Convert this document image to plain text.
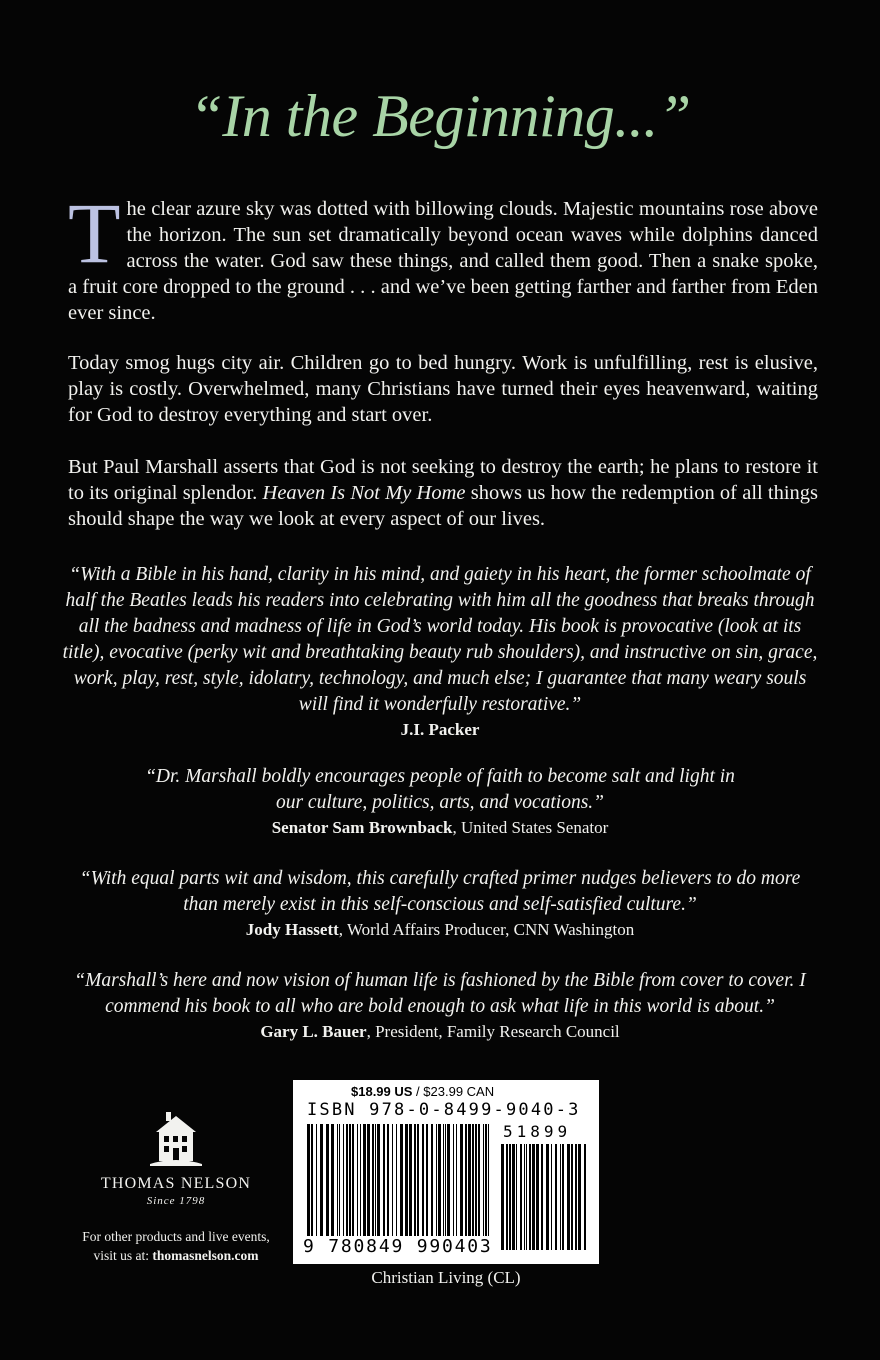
“In the Beginning...”

The clear azure sky was dotted with billowing clouds. Majestic mountains rose above the horizon. The sun set dramatically beyond ocean waves while dolphins danced across the water. God saw these things, and called them good. Then a snake spoke, a fruit core dropped to the ground . . . and we’ve been getting farther and farther from Eden ever since.

Today smog hugs city air. Children go to bed hungry. Work is unfulfilling, rest is elusive, play is costly. Overwhelmed, many Christians have turned their eyes heavenward, waiting for God to destroy everything and start over.

But Paul Marshall asserts that God is not seeking to destroy the earth; he plans to restore it to its original splendor. Heaven Is Not My Home shows us how the redemption of all things should shape the way we look at every aspect of our lives.

“With a Bible in his hand, clarity in his mind, and gaiety in his heart, the former schoolmate of half the Beatles leads his readers into celebrating with him all the goodness that breaks through all the badness and madness of life in God’s world today. His book is provocative (look at its title), evocative (perky wit and breathtaking beauty rub shoulders), and instructive on sin, grace, work, play, rest, style, idolatry, technology, and much else; I guarantee that many weary souls will find it wonderfully restorative.”
J.I. Packer

“Dr. Marshall boldly encourages people of faith to become salt and light in our culture, politics, arts, and vocations.”
Senator Sam Brownback, United States Senator

“With equal parts wit and wisdom, this carefully crafted primer nudges believers to do more than merely exist in this self-conscious and self-satisfied culture.”
Jody Hassett, World Affairs Producer, CNN Washington

“Marshall’s here and now vision of human life is fashioned by the Bible from cover to cover. I commend his book to all who are bold enough to ask what life in this world is about.”
Gary L. Bauer, President, Family Research Council

THOMAS NELSON
Since 1798
For other products and live events,
visit us at: thomasnelson.com
$18.99 US / $23.99 CAN
ISBN 978-0-8499-9040-3
51899
9 780849 990403
Christian Living (CL)
